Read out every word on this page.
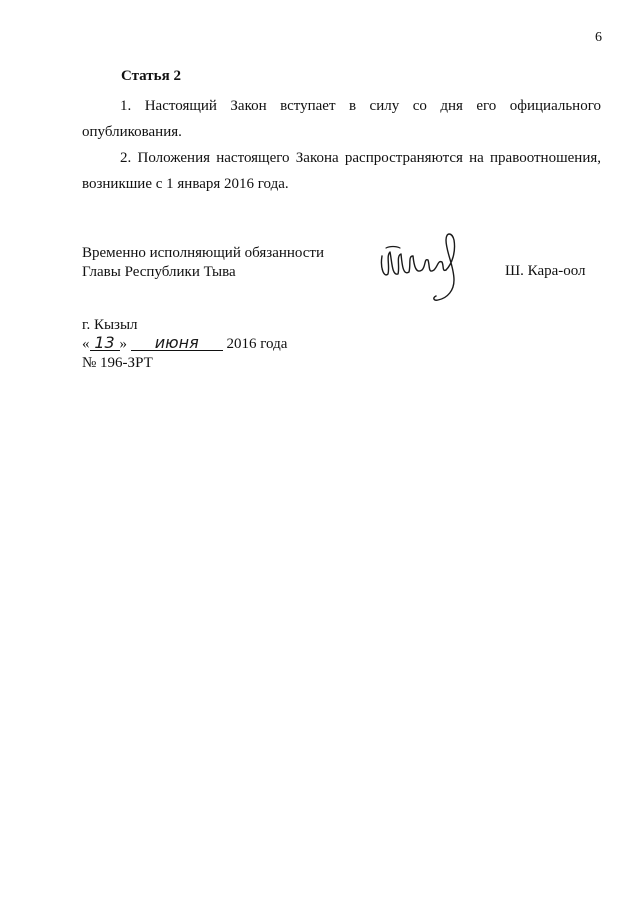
6
Статья 2
1. Настоящий Закон вступает в силу со дня его официального
опубликования.
2. Положения настоящего Закона распространяются на правоотношения,
возникшие с 1 января 2016 года.
Временно исполняющий обязанности
Главы Республики Тыва	Ш. Кара-оол
г. Кызыл
« 13 » июня 2016 года
№ 196-ЗРТ
